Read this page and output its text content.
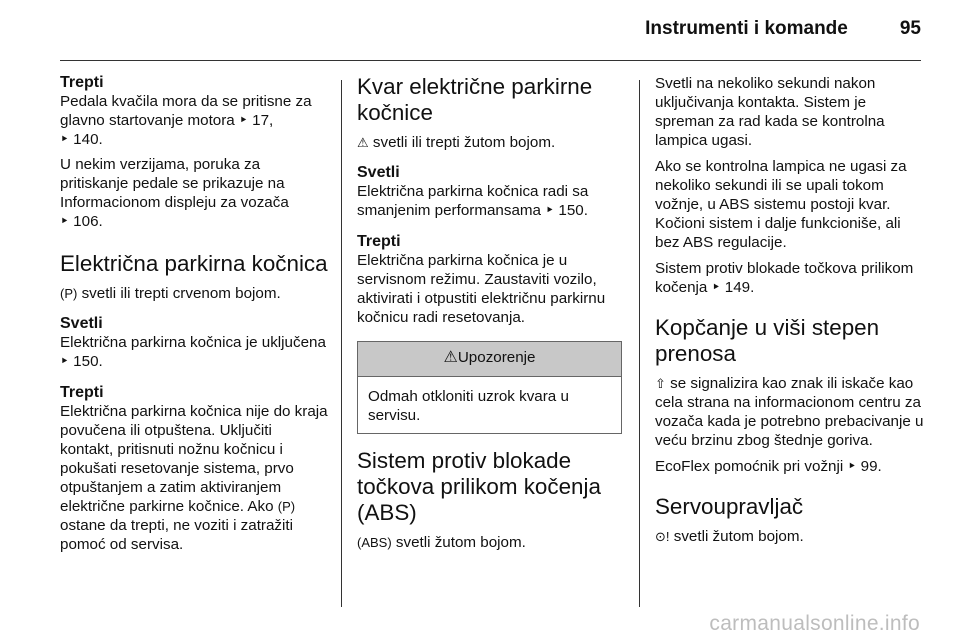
Instrumenti i komande	95
Trepti

Pedala kvačila mora da se pritisne za glavno startovanje motora ‣ 17,
‣ 140.

U nekim verzijama, poruka za pritiskanje pedale se prikazuje na Informacionom displeju za vozača
‣ 106.

Električna parkirna kočnica

(P) svetli ili trepti crvenom bojom.

Svetli

Električna parkirna kočnica je uključena ‣ 150.

Trepti

Električna parkirna kočnica nije do kraja povučena ili otpuštena. Uključiti kontakt, pritisnuti nožnu kočnicu i pokušati resetovanje sistema, prvo otpuštanjem a zatim aktiviranjem električne parkirne kočnice. Ako (P) ostane da trepti, ne voziti i zatražiti pomoć od servisa.

Kvar električne parkirne kočnice

⚠ svetli ili trepti žutom bojom.

Svetli

Električna parkirna kočnica radi sa smanjenim performansama ‣ 150.

Trepti

Električna parkirna kočnica je u servisnom režimu. Zaustaviti vozilo, aktivirati i otpustiti električnu parkirnu kočnicu radi resetovanja.

⚠Upozorenje
Odmah otkloniti uzrok kvara u servisu.
Sistem protiv blokade točkova prilikom kočenja (ABS)

(ABS) svetli žutom bojom.

Svetli na nekoliko sekundi nakon uključivanja kontakta. Sistem je spreman za rad kada se kontrolna lampica ugasi.

Ako se kontrolna lampica ne ugasi za nekoliko sekundi ili se upali tokom vožnje, u ABS sistemu postoji kvar. Kočioni sistem i dalje funkcioniše, ali bez ABS regulacije.

Sistem protiv blokade točkova prilikom kočenja ‣ 149.

Kopčanje u viši stepen prenosa

⇧ se signalizira kao znak ili iskače kao cela strana na informacionom centru za vozača kada je potrebno prebacivanje u veću brzinu zbog štednje goriva.

EcoFlex pomoćnik pri vožnji ‣ 99.

Servoupravljač

⊙! svetli žutom bojom.

carmanualsonline.info
